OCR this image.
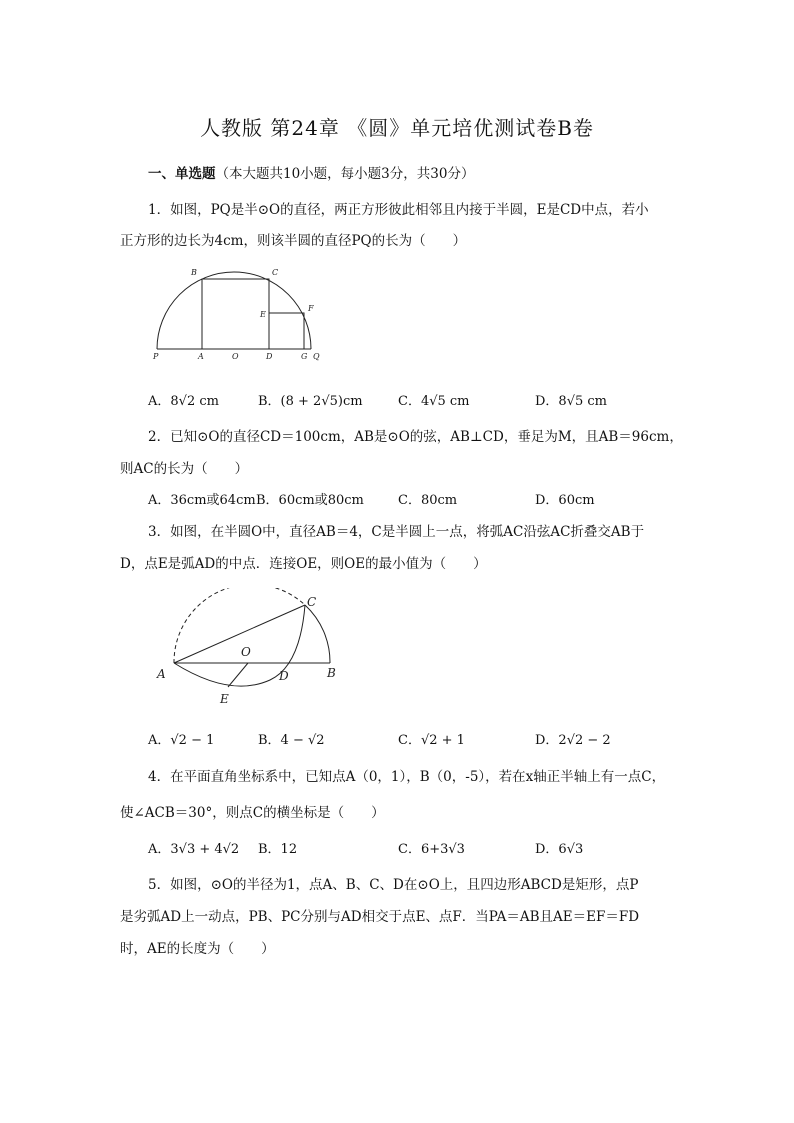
人教版 第24章 《圆》单元培优测试卷B卷
一、单选题（本大题共10小题，每小题3分，共30分）
1．如图，PQ是半⊙O的直径，两正方形彼此相邻且内接于半圆，E是CD中点，若小
正方形的边长为4cm，则该半圆的直径PQ的长为（　　）
B	C
E
F
P	A	O	D	G Q
A．8√2 cm	B．(8 + 2√5)cm	C．4√5 cm	D．8√5 cm
2．已知⊙O的直径CD＝100cm，AB是⊙O的弦，AB⊥CD，垂足为M，且AB＝96cm，
则AC的长为（　　）
A．36cm或64cm B．60cm或80cm	C．80cm	D．60cm
3．如图，在半圆O中，直径AB＝4，C是半圆上一点，将弧AC沿弦AC折叠交AB于
D，点E是弧AD的中点．连接OE，则OE的最小值为（　　）
C
O
A	D	B
E
A．√2 − 1	B．4 − √2	C．√2 + 1	D．2√2 − 2
4．在平面直角坐标系中，已知点A（0，1），B（0，-5），若在x轴正半轴上有一点C，
使∠ACB＝30°，则点C的横坐标是（　　）
A．3√3 + 4√2 B．12	C．6+3√3	D．6√3
5．如图，⊙O的半径为1，点A、B、C、D在⊙O上，且四边形ABCD是矩形，点P
是劣弧AD上一动点，PB、PC分别与AD相交于点E、点F．当PA＝AB且AE＝EF＝FD
时，AE的长度为（　　）
